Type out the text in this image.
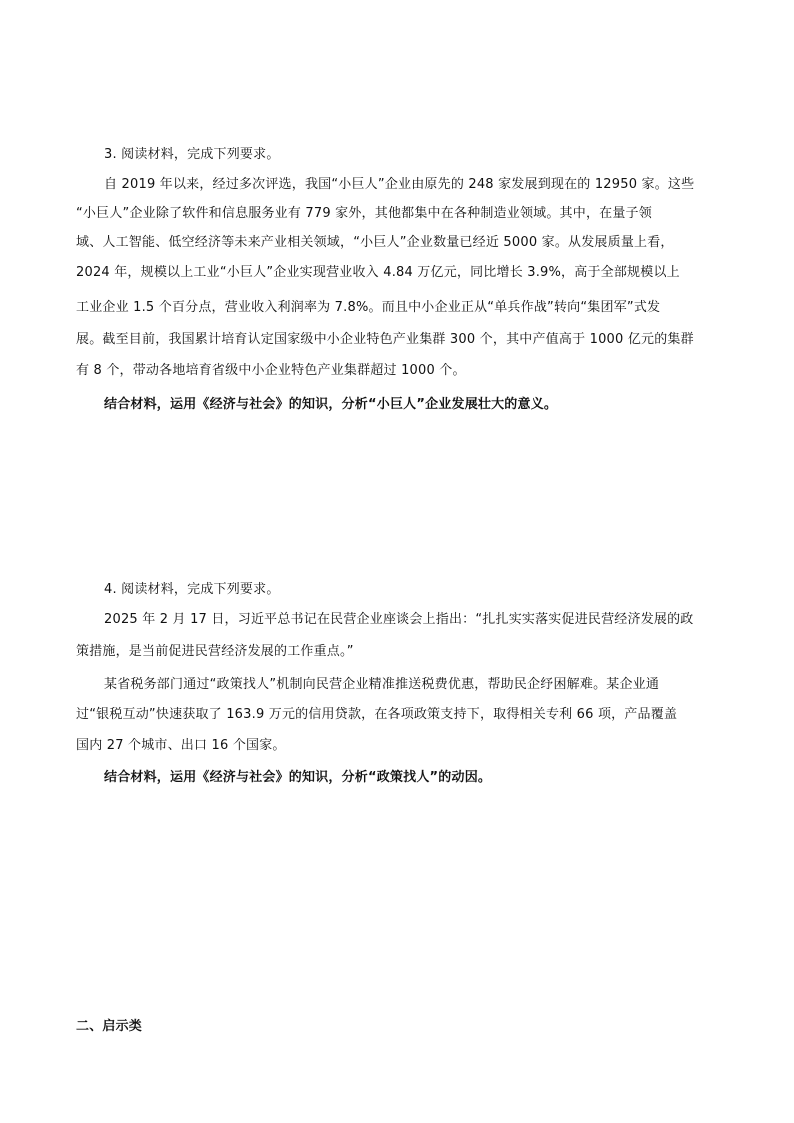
3. 阅读材料，完成下列要求。
自 2019 年以来，经过多次评选，我国“小巨人”企业由原先的 248 家发展到现在的 12950 家。这些
“小巨人”企业除了软件和信息服务业有 779 家外，其他都集中在各种制造业领域。其中，在量子领
域、人工智能、低空经济等未来产业相关领域，“小巨人”企业数量已经近 5000 家。从发展质量上看，
2024 年，规模以上工业“小巨人”企业实现营业收入 4.84 万亿元，同比增长 3.9%，高于全部规模以上
工业企业 1.5 个百分点，营业收入利润率为 7.8%。而且中小企业正从“单兵作战”转向“集团军”式发
展。截至目前，我国累计培育认定国家级中小企业特色产业集群 300 个，其中产值高于 1000 亿元的集群
有 8 个，带动各地培育省级中小企业特色产业集群超过 1000 个。
结合材料，运用《经济与社会》的知识，分析“小巨人”企业发展壮大的意义。
4. 阅读材料，完成下列要求。
2025 年 2 月 17 日，习近平总书记在民营企业座谈会上指出：“扎扎实实落实促进民营经济发展的政
策措施，是当前促进民营经济发展的工作重点。”
某省税务部门通过“政策找人”机制向民营企业精准推送税费优惠，帮助民企纾困解难。某企业通
过“银税互动”快速获取了 163.9 万元的信用贷款，在各项政策支持下，取得相关专利 66 项，产品覆盖
国内 27 个城市、出口 16 个国家。
结合材料，运用《经济与社会》的知识，分析“政策找人”的动因。
二、启示类
